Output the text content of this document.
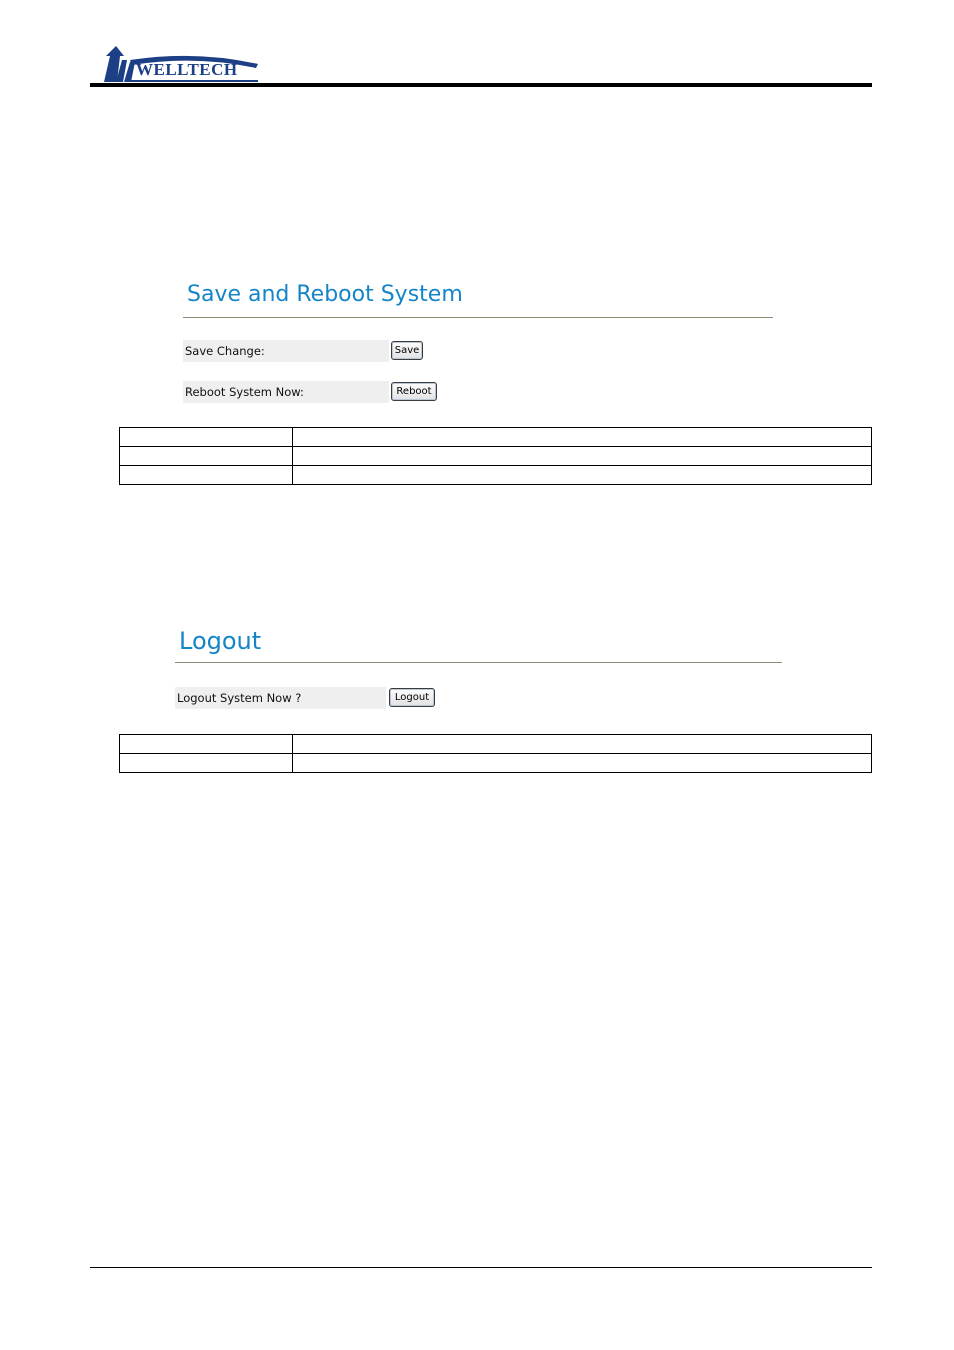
WELLTECH
Save and Reboot System
Save Change:	Save
Reboot System Now:	Reboot

Logout
Logout System Now ?	Logout
